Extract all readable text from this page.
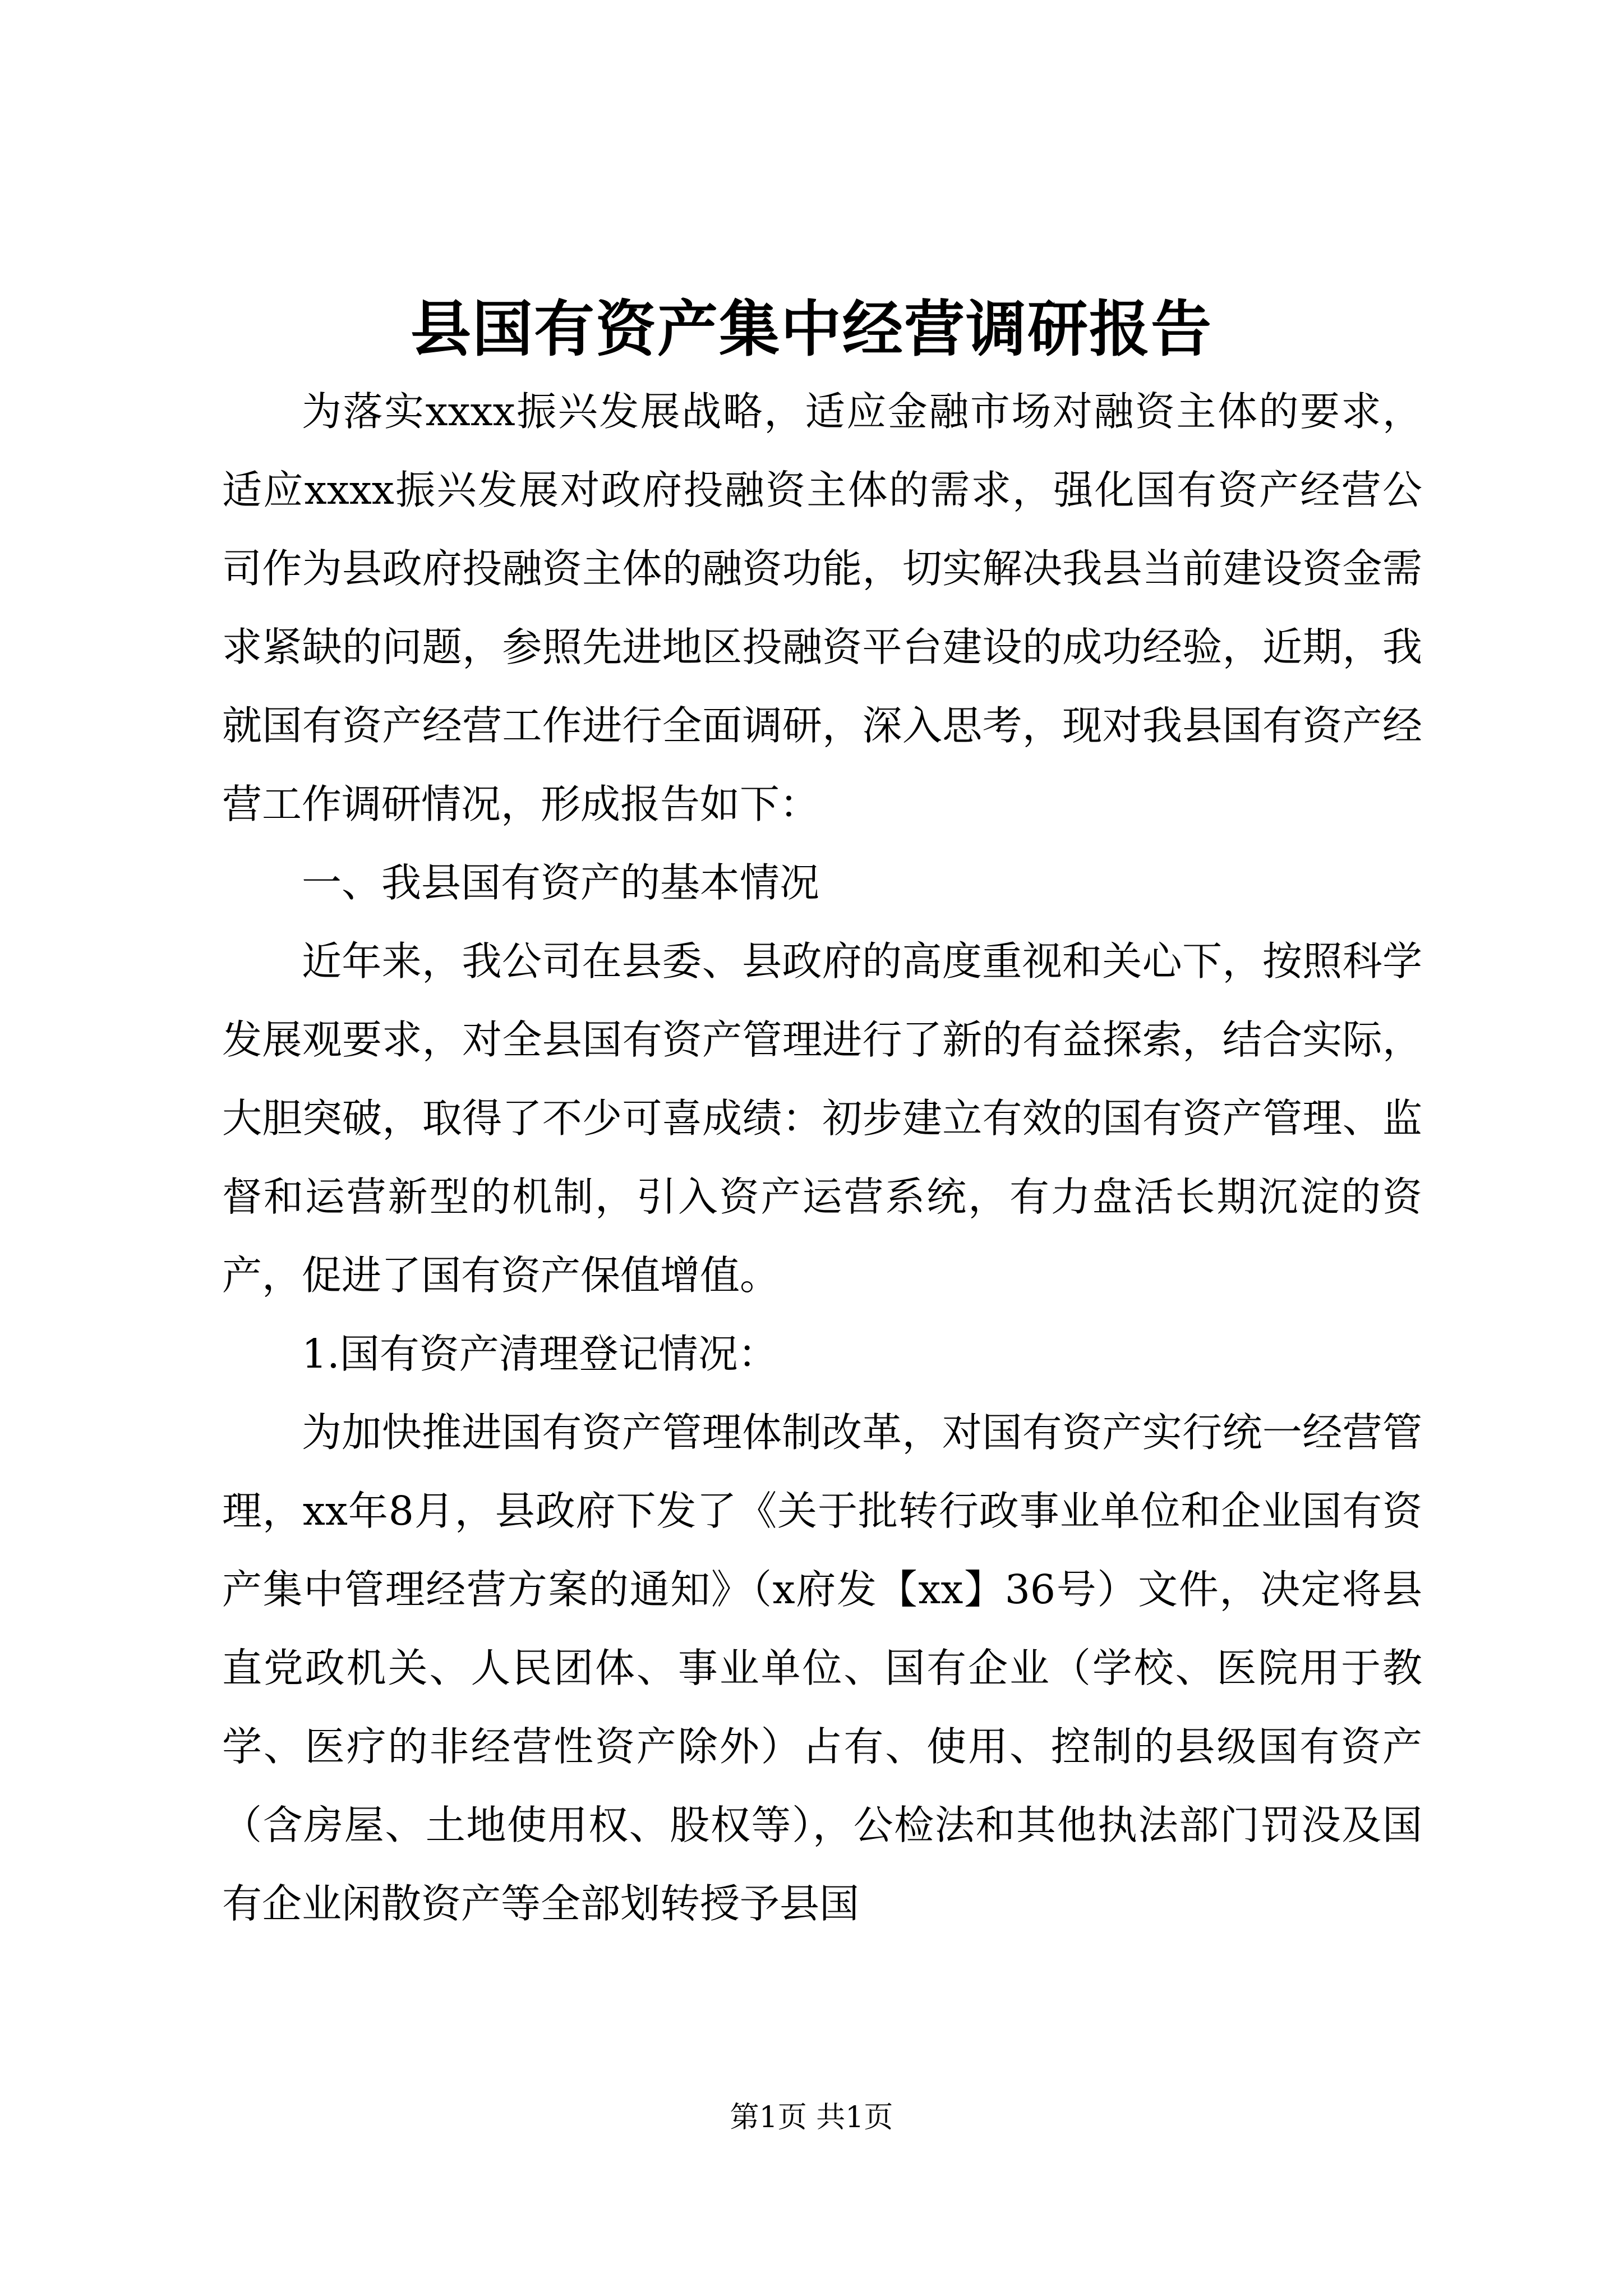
县国有资产集中经营调研报告

为落实xxxx振兴发展战略，适应金融市场对融资主体的要求，适应xxxx振兴发展对政府投融资主体的需求，强化国有资产经营公司作为县政府投融资主体的融资功能，切实解决我县当前建设资金需求紧缺的问题，参照先进地区投融资平台建设的成功经验，近期，我就国有资产经营工作进行全面调研，深入思考，现对我县国有资产经营工作调研情况，形成报告如下：

一、我县国有资产的基本情况

近年来，我公司在县委、县政府的高度重视和关心下，按照科学发展观要求，对全县国有资产管理进行了新的有益探索，结合实际，大胆突破，取得了不少可喜成绩：初步建立有效的国有资产管理、监督和运营新型的机制，引入资产运营系统，有力盘活长期沉淀的资产，促进了国有资产保值增值。

1.国有资产清理登记情况：

为加快推进国有资产管理体制改革，对国有资产实行统一经营管理，xx年8月，县政府下发了《关于批转行政事业单位和企业国有资产集中管理经营方案的通知》（x府发【xx】36号）文件，决定将县直党政机关、人民团体、事业单位、国有企业（学校、医院用于教学、医疗的非经营性资产除外）占有、使用、控制的县级国有资产（含房屋、土地使用权、股权等），公检法和其他执法部门罚没及国有企业闲散资产等全部划转授予县国

第1页 共1页
